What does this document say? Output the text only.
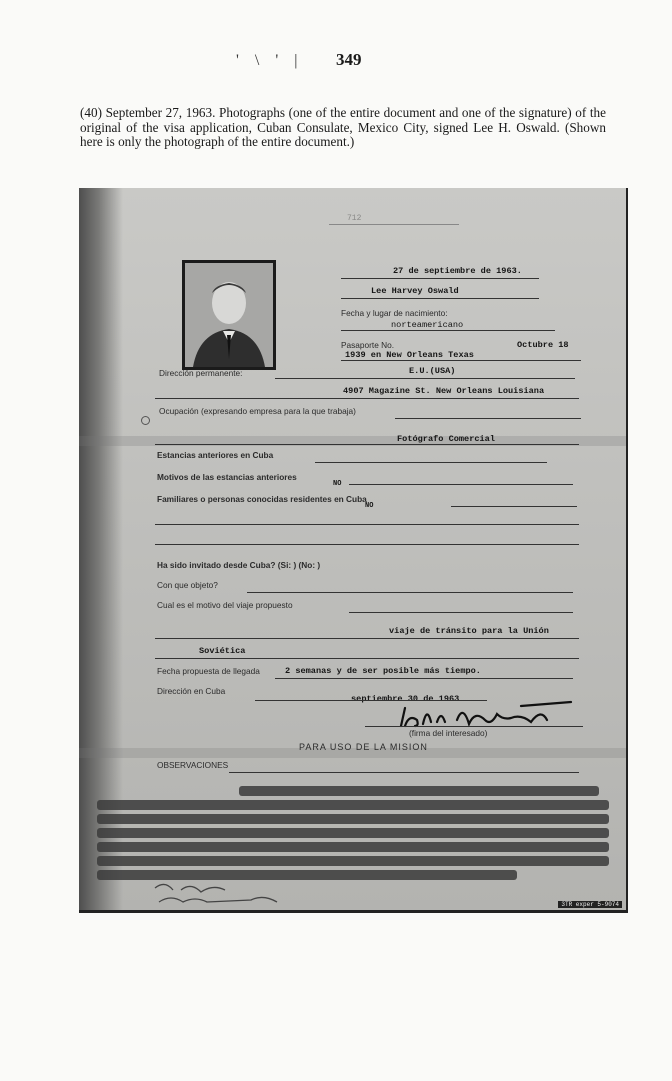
' \ ' | 349
(40) September 27, 1963. Photographs (one of the entire document and one of the signature) of the original of the visa application, Cuban Consulate, Mexico City, signed Lee H. Oswald. (Shown here is only the photograph of the entire document.)
712
27 de septiembre de 1963.
Lee Harvey Oswald
Fecha y lugar de nacimiento:
norteamericano
Pasaporte No.	Octubre 18
1939 en New Orleans Texas
Dirección permanente:	E.U.(USA)
4907 Magazine St. New Orleans Louisiana
Ocupación (expresando empresa para la que trabaja)
Fotógrafo Comercial
Estancias anteriores en Cuba
Motivos de las estancias anteriores
NO
Familiares o personas conocidas residentes en Cuba
NO
Ha sido invitado desde Cuba? (Si: ) (No: )
Con que objeto?
Cual es el motivo del viaje propuesto
viaje de tránsito para la Unión
Soviética
Fecha propuesta de llegada	2 semanas y de ser posible más tiempo.
Dirección en Cuba
septiembre 30 de 1963
(firma del interesado)
PARA USO DE LA MISION
OBSERVACIONES
3TR exper 5-9074
